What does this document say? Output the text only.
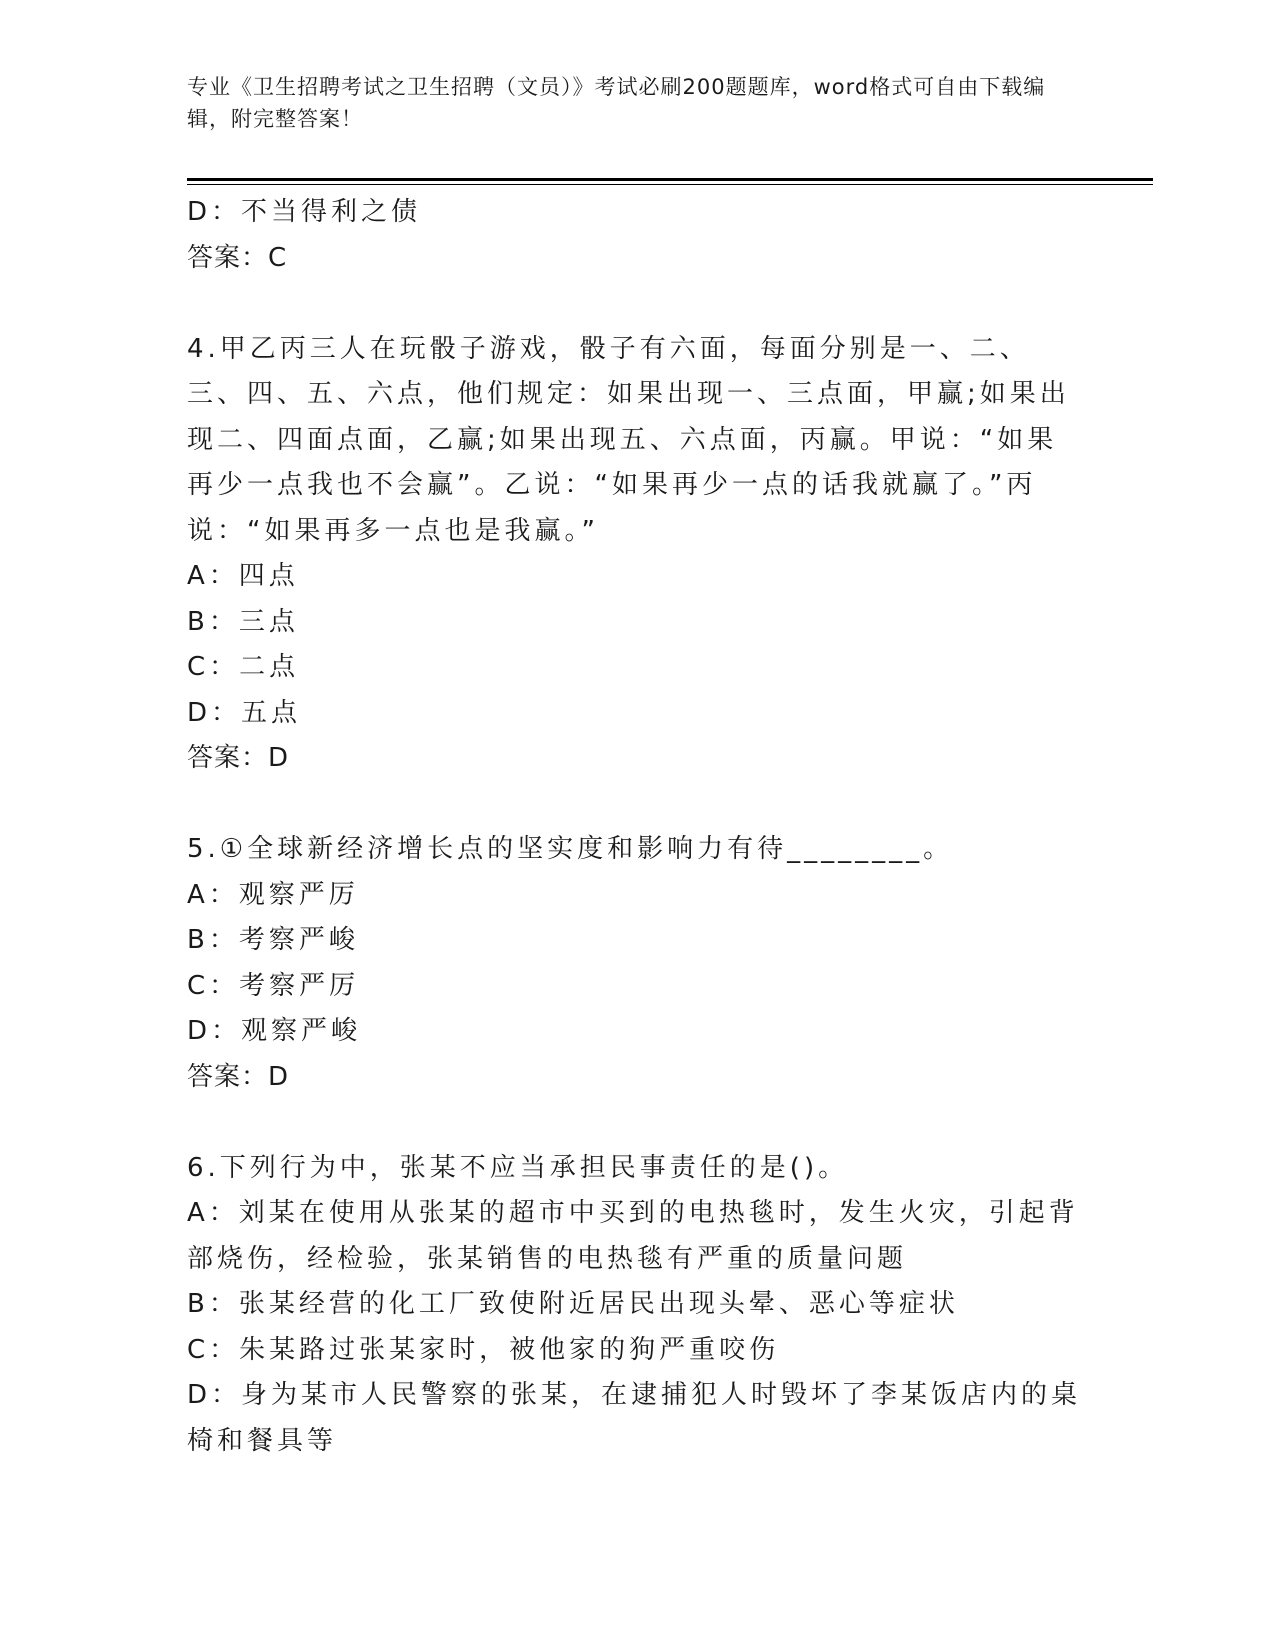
专业《卫生招聘考试之卫生招聘（文员）》考试必刷200题题库，word格式可自由下载编辑，附完整答案！
D：不当得利之债
答案：C
4.甲乙丙三人在玩骰子游戏，骰子有六面，每面分别是一、二、三、四、五、六点，他们规定：如果出现一、三点面，甲赢;如果出现二、四面点面，乙赢;如果出现五、六点面，丙赢。甲说：“如果再少一点我也不会赢”。乙说：“如果再少一点的话我就赢了。”丙说：“如果再多一点也是我赢。”
A：四点
B：三点
C：二点
D：五点
答案：D
5.①全球新经济增长点的坚实度和影响力有待________。
A：观察严厉
B：考察严峻
C：考察严厉
D：观察严峻
答案：D
6.下列行为中，张某不应当承担民事责任的是()。
A：刘某在使用从张某的超市中买到的电热毯时，发生火灾，引起背部烧伤，经检验，张某销售的电热毯有严重的质量问题
B：张某经营的化工厂致使附近居民出现头晕、恶心等症状
C：朱某路过张某家时，被他家的狗严重咬伤
D：身为某市人民警察的张某，在逮捕犯人时毁坏了李某饭店内的桌椅和餐具等
